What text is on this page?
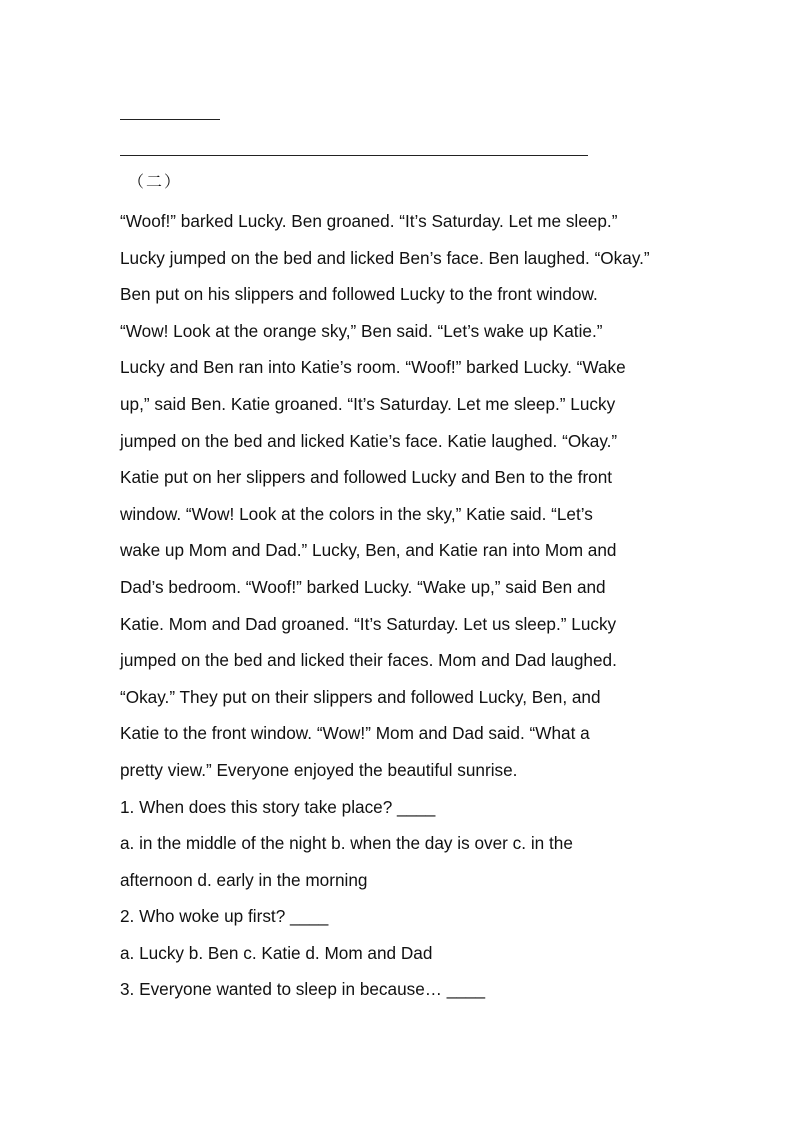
（二）
“Woof!” barked Lucky. Ben groaned. “It’s Saturday. Let me sleep.”
Lucky jumped on the bed and licked Ben’s face. Ben laughed. “Okay.”
Ben put on his slippers and followed Lucky to the front window.
“Wow! Look at the orange sky,” Ben said. “Let’s wake up Katie.”
Lucky and Ben ran into Katie’s room. “Woof!” barked Lucky. “Wake
up,” said Ben. Katie groaned. “It’s Saturday. Let me sleep.” Lucky
jumped on the bed and licked Katie’s face. Katie laughed. “Okay.”
Katie put on her slippers and followed Lucky and Ben to the front
window. “Wow! Look at the colors in the sky,” Katie said. “Let’s
wake up Mom and Dad.” Lucky, Ben, and Katie ran into Mom and
Dad’s bedroom. “Woof!” barked Lucky. “Wake up,” said Ben and
Katie. Mom and Dad groaned. “It’s Saturday. Let us sleep.” Lucky
jumped on the bed and licked their faces. Mom and Dad laughed.
“Okay.” They put on their slippers and followed Lucky, Ben, and
Katie to the front window. “Wow!” Mom and Dad said. “What a
pretty view.” Everyone enjoyed the beautiful sunrise.
1. When does this story take place? ____
a. in the middle of the night b. when the day is over c. in the
afternoon d. early in the morning
2. Who woke up first? ____
a. Lucky b. Ben c. Katie d. Mom and Dad
3. Everyone wanted to sleep in because… ____
